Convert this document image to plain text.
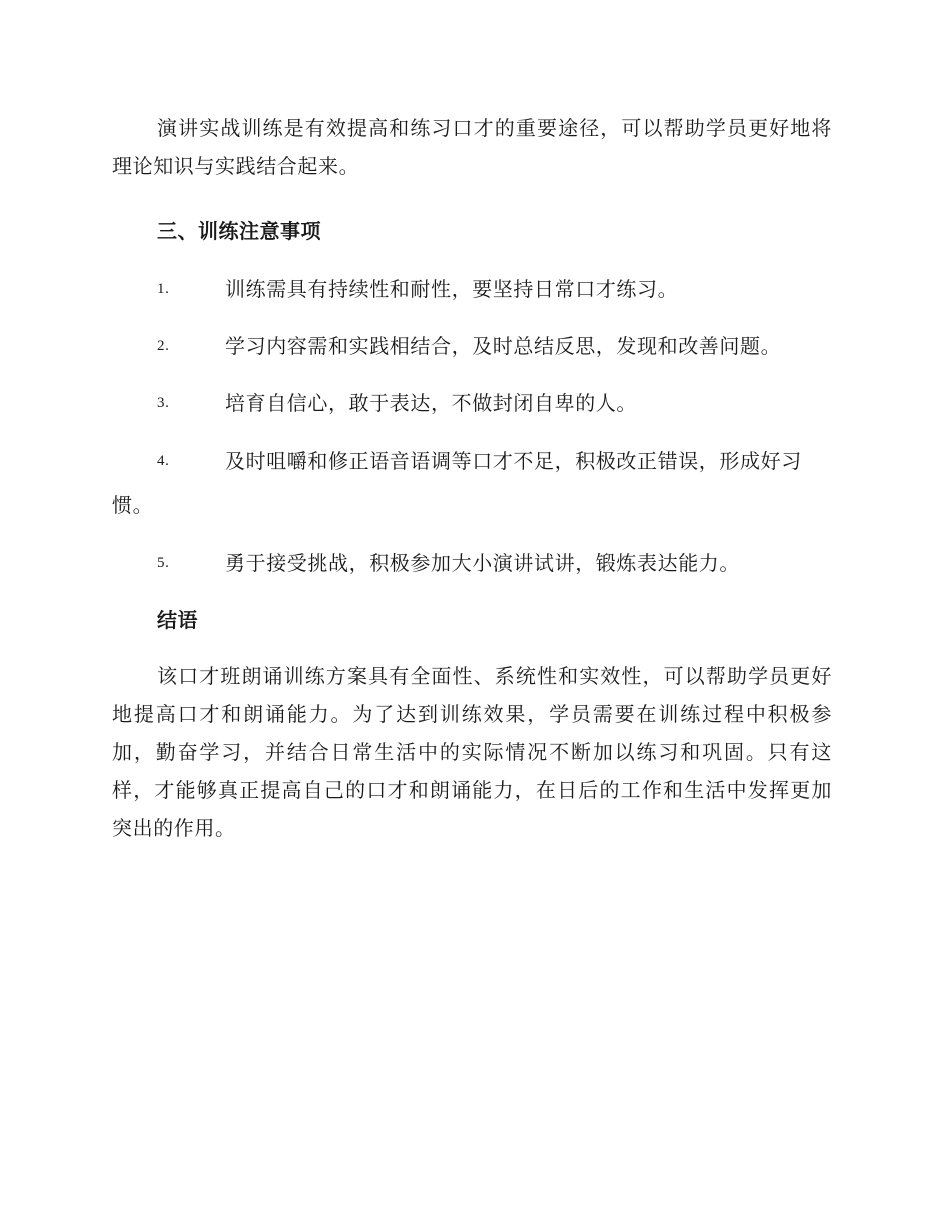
演讲实战训练是有效提高和练习口才的重要途径，可以帮助学员更好地将理论知识与实践结合起来。

三、训练注意事项
1.	训练需具有持续性和耐性，要坚持日常口才练习。
2.	学习内容需和实践相结合，及时总结反思，发现和改善问题。
3.	培育自信心，敢于表达，不做封闭自卑的人。
4.	及时咀嚼和修正语音语调等口才不足，积极改正错误，形成好习惯。
5.	勇于接受挑战，积极参加大小演讲试讲，锻炼表达能力。
结语

该口才班朗诵训练方案具有全面性、系统性和实效性，可以帮助学员更好地提高口才和朗诵能力。为了达到训练效果，学员需要在训练过程中积极参加，勤奋学习，并结合日常生活中的实际情况不断加以练习和巩固。只有这样，才能够真正提高自己的口才和朗诵能力，在日后的工作和生活中发挥更加突出的作用。
